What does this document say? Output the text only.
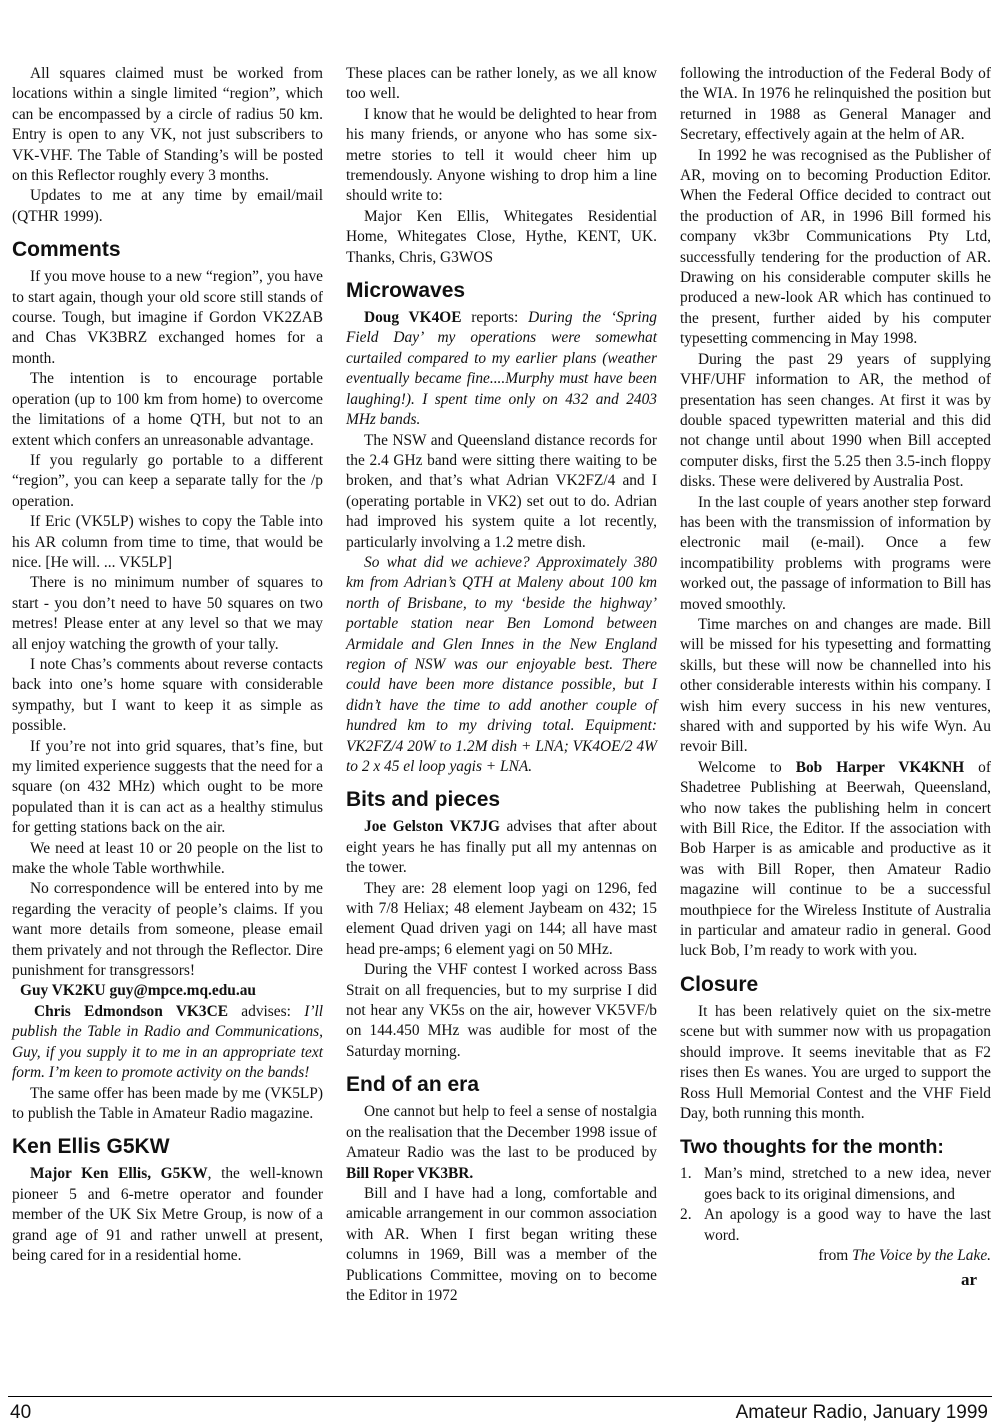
All squares claimed must be worked from locations within a single limited “region”, which can be encompassed by a circle of radius 50 km. Entry is open to any VK, not just subscribers to VK-VHF. The Table of Standing’s will be posted on this Reflector roughly every 3 months.

Updates to me at any time by email/mail (QTHR 1999).

Comments

If you move house to a new “region”, you have to start again, though your old score still stands of course. Tough, but imagine if Gordon VK2ZAB and Chas VK3BRZ exchanged homes for a month.

The intention is to encourage portable operation (up to 100 km from home) to overcome the limitations of a home QTH, but not to an extent which confers an unreasonable advantage.

If you regularly go portable to a different “region”, you can keep a separate tally for the /p operation.

If Eric (VK5LP) wishes to copy the Table into his AR column from time to time, that would be nice. [He will. ... VK5LP]

There is no minimum number of squares to start - you don’t need to have 50 squares on two metres! Please enter at any level so that we may all enjoy watching the growth of your tally.

I note Chas’s comments about reverse contacts back into one’s home square with considerable sympathy, but I want to keep it as simple as possible.

If you’re not into grid squares, that’s fine, but my limited experience suggests that the need for a square (on 432 MHz) which ought to be more populated than it is can act as a healthy stimulus for getting stations back on the air.

We need at least 10 or 20 people on the list to make the whole Table worthwhile.

No correspondence will be entered into by me regarding the veracity of people’s claims. If you want more details from someone, please email them privately and not through the Reflector. Dire punishment for transgressors!

Guy VK2KU guy@mpce.mq.edu.au

Chris Edmondson VK3CE advises: I’ll publish the Table in Radio and Communications, Guy, if you supply it to me in an appropriate text form. I’m keen to promote activity on the bands!

The same offer has been made by me (VK5LP) to publish the Table in Amateur Radio magazine.

Ken Ellis G5KW

Major Ken Ellis, G5KW, the well-known pioneer 5 and 6-metre operator and founder member of the UK Six Metre Group, is now of a grand age of 91 and rather unwell at present, being cared for in a residential home.

These places can be rather lonely, as we all know too well.

I know that he would be delighted to hear from his many friends, or anyone who has some six-metre stories to tell it would cheer him up tremendously. Anyone wishing to drop him a line should write to:

Major Ken Ellis, Whitegates Residential Home, Whitegates Close, Hythe, KENT, UK. Thanks, Chris, G3WOS

Microwaves

Doug VK4OE reports: During the ‘Spring Field Day’ my operations were somewhat curtailed compared to my earlier plans (weather eventually became fine....Murphy must have been laughing!). I spent time only on 432 and 2403 MHz bands.

The NSW and Queensland distance records for the 2.4 GHz band were sitting there waiting to be broken, and that’s what Adrian VK2FZ/4 and I (operating portable in VK2) set out to do. Adrian had improved his system quite a lot recently, particularly involving a 1.2 metre dish.

So what did we achieve? Approximately 380 km from Adrian’s QTH at Maleny about 100 km north of Brisbane, to my ‘beside the highway’ portable station near Ben Lomond between Armidale and Glen Innes in the New England region of NSW was our enjoyable best. There could have been more distance possible, but I didn’t have the time to add another couple of hundred km to my driving total. Equipment: VK2FZ/4 20W to 1.2M dish + LNA; VK4OE/2 4W to 2 x 45 el loop yagis + LNA.

Bits and pieces

Joe Gelston VK7JG advises that after about eight years he has finally put all my antennas on the tower.

They are: 28 element loop yagi on 1296, fed with 7/8 Heliax; 48 element Jaybeam on 432; 15 element Quad driven yagi on 144; all have mast head pre-amps; 6 element yagi on 50 MHz.

During the VHF contest I worked across Bass Strait on all frequencies, but to my surprise I did not hear any VK5s on the air, however VK5VF/b on 144.450 MHz was audible for most of the Saturday morning.

End of an era

One cannot but help to feel a sense of nostalgia on the realisation that the December 1998 issue of Amateur Radio was the last to be produced by Bill Roper VK3BR.

Bill and I have had a long, comfortable and amicable arrangement in our common association with AR. When I first began writing these columns in 1969, Bill was a member of the Publications Committee, moving on to become the Editor in 1972

following the introduction of the Federal Body of the WIA. In 1976 he relinquished the position but returned in 1988 as General Manager and Secretary, effectively again at the helm of AR.

In 1992 he was recognised as the Publisher of AR, moving on to becoming Production Editor. When the Federal Office decided to contract out the production of AR, in 1996 Bill formed his company vk3br Communications Pty Ltd, successfully tendering for the production of AR. Drawing on his considerable computer skills he produced a new-look AR which has continued to the present, further aided by his computer typesetting commencing in May 1998.

During the past 29 years of supplying VHF/UHF information to AR, the method of presentation has seen changes. At first it was by double spaced typewritten material and this did not change until about 1990 when Bill accepted computer disks, first the 5.25 then 3.5-inch floppy disks. These were delivered by Australia Post.

In the last couple of years another step forward has been with the transmission of information by electronic mail (e-mail). Once a few incompatibility problems with programs were worked out, the passage of information to Bill has moved smoothly.

Time marches on and changes are made. Bill will be missed for his typesetting and formatting skills, but these will now be channelled into his other considerable interests within his company. I wish him every success in his new ventures, shared with and supported by his wife Wyn. Au revoir Bill.

Welcome to Bob Harper VK4KNH of Shadetree Publishing at Beerwah, Queensland, who now takes the publishing helm in concert with Bill Rice, the Editor. If the association with Bob Harper is as amicable and productive as it was with Bill Roper, then Amateur Radio magazine will continue to be a successful mouthpiece for the Wireless Institute of Australia in particular and amateur radio in general. Good luck Bob, I’m ready to work with you.

Closure

It has been relatively quiet on the six-metre scene but with summer now with us propagation should improve. It seems inevitable that as F2 rises then Es wanes. You are urged to support the Ross Hull Memorial Contest and the VHF Field Day, both running this month.

Two thoughts for the month:
1. Man’s mind, stretched to a new idea, never goes back to its original dimensions, and
2. An apology is a good way to have the last word.

from The Voice by the Lake.

ar

40	Amateur Radio, January 1999
